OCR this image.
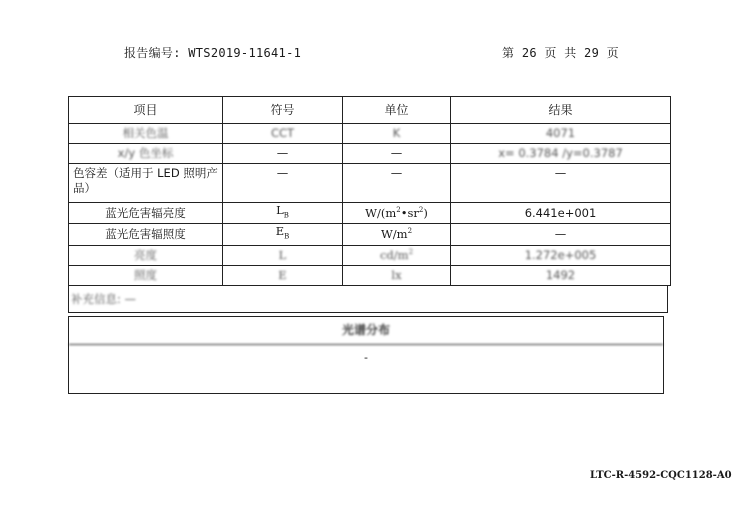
报告编号: WTS2019-11641-1	第 26 页 共 29 页
项目	符号	单位	结果
相关色温	CCT	K	4071
x/y 色坐标	—	—	x= 0.3784 /y=0.3787
色容差（适用于 LED 照明产品）	—	—	—
蓝光危害辐亮度	$L_B$	$W/(m^2•sr^2)$	6.441e+001
蓝光危害辐照度	$E_B$	$W/m^2$	—
亮度	L	$cd/m^2$	1.272e+005
照度	E	lx	1492
补充信息: —
光谱分布
-
LTC-R-4592-CQC1128-A0
